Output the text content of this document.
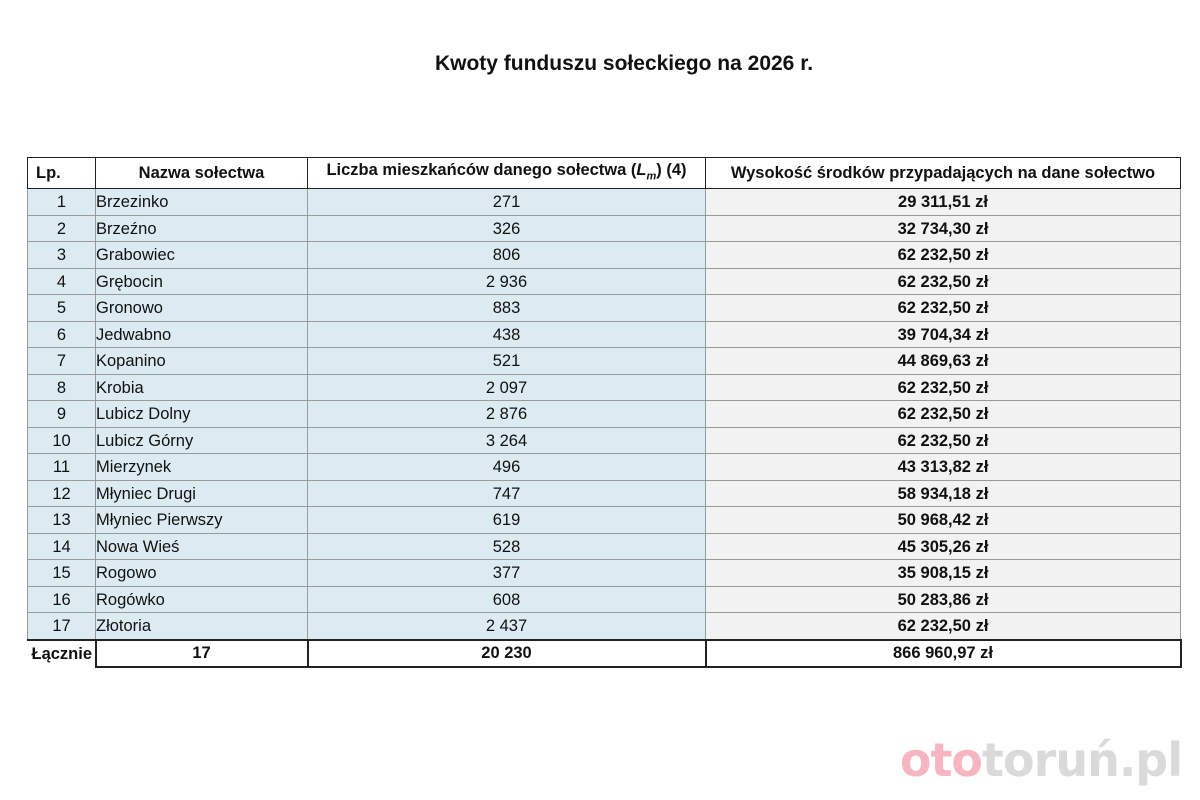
Kwoty funduszu sołeckiego na 2026 r.
Lp.	Nazwa sołectwa	Liczba mieszkańców danego sołectwa $(L_m)$ (4)	Wysokość środków przypadających na dane sołectwo
1	Brzezinko	271	29 311,51 zł
2	Brzeźno	326	32 734,30 zł
3	Grabowiec	806	62 232,50 zł
4	Grębocin	2 936	62 232,50 zł
5	Gronowo	883	62 232,50 zł
6	Jedwabno	438	39 704,34 zł
7	Kopanino	521	44 869,63 zł
8	Krobia	2 097	62 232,50 zł
9	Lubicz Dolny	2 876	62 232,50 zł
10	Lubicz Górny	3 264	62 232,50 zł
11	Mierzynek	496	43 313,82 zł
12	Młyniec Drugi	747	58 934,18 zł
13	Młyniec Pierwszy	619	50 968,42 zł
14	Nowa Wieś	528	45 305,26 zł
15	Rogowo	377	35 908,15 zł
16	Rogówko	608	50 283,86 zł
17	Złotoria	2 437	62 232,50 zł
Łącznie	17	20 230	866 960,97 zł
ototoruń.pl
